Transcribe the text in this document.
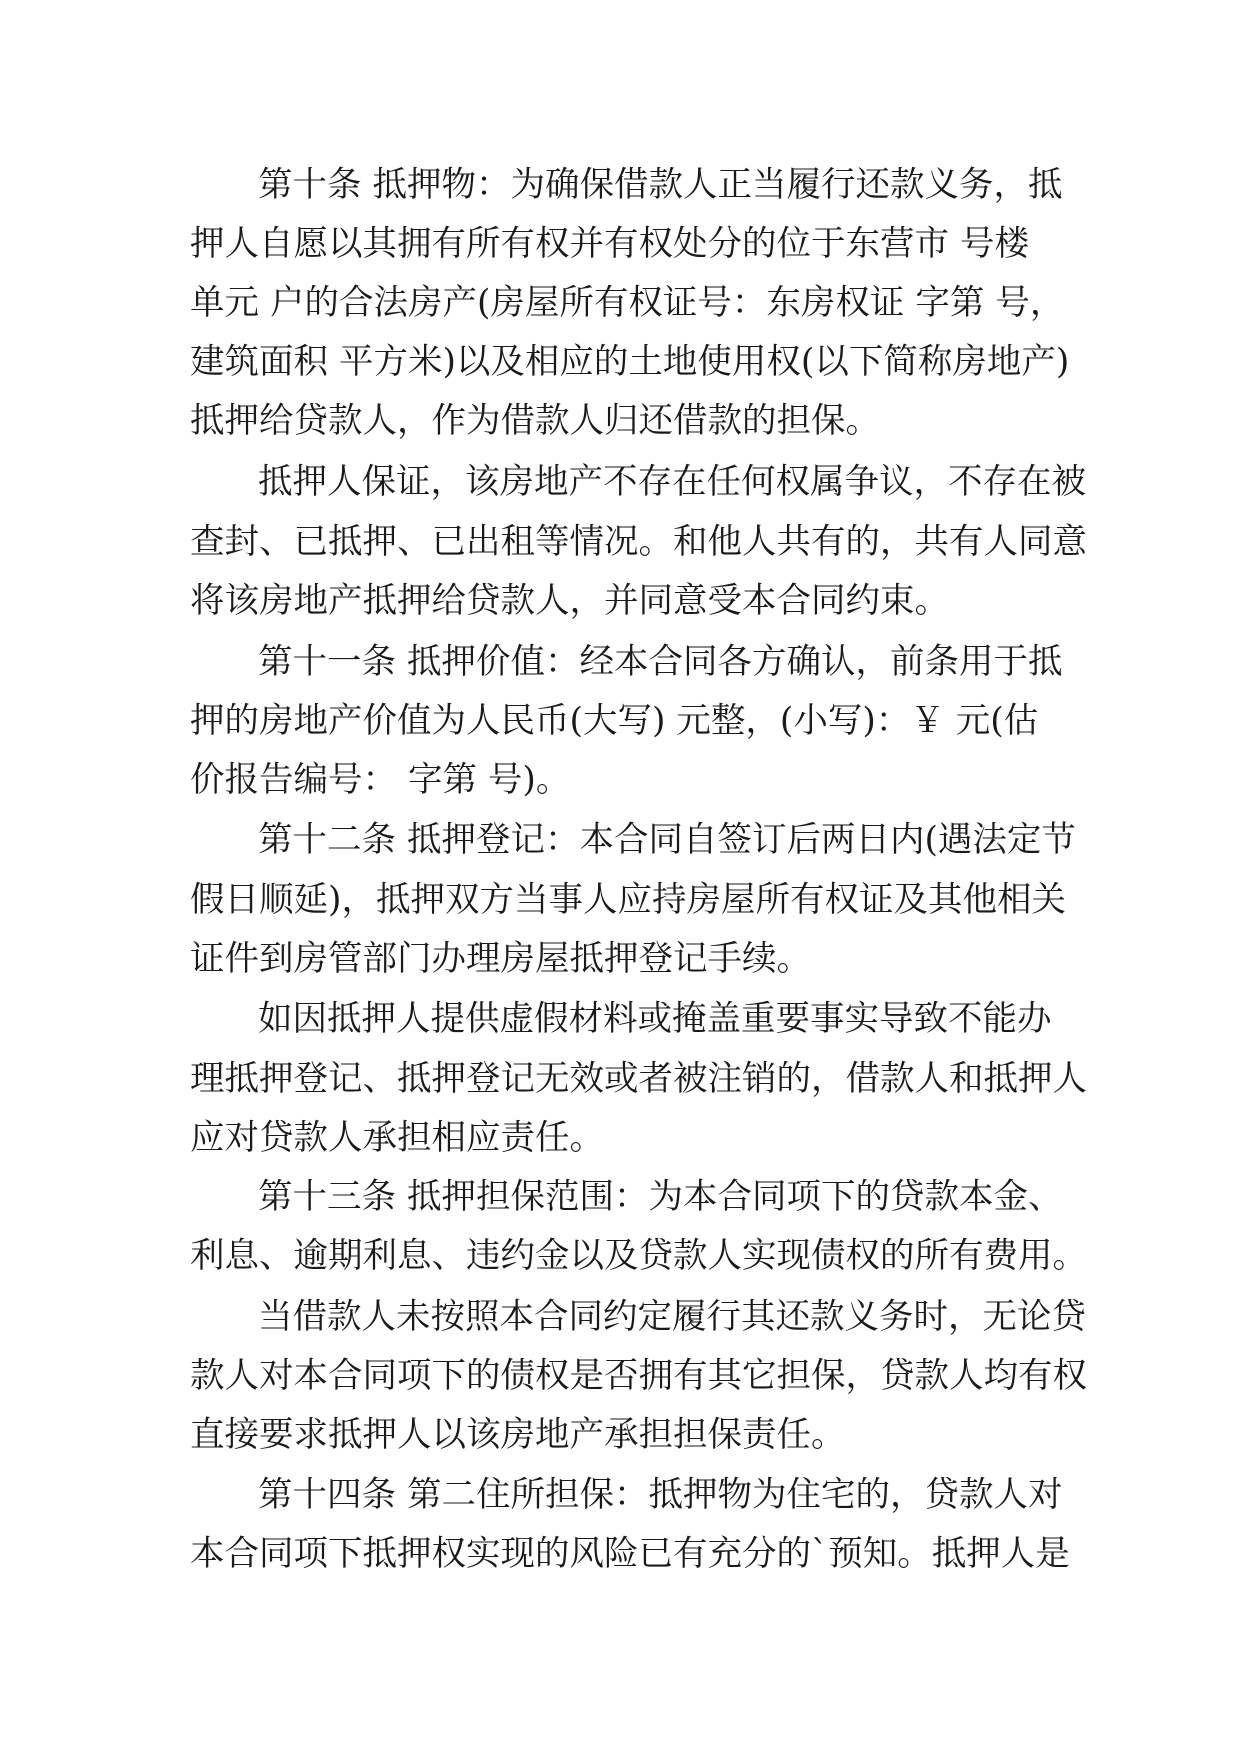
第十条 抵押物：为确保借款人正当履行还款义务，抵
押人自愿以其拥有所有权并有权处分的位于东营市 号楼
单元 户的合法房产(房屋所有权证号：东房权证 字第 号，
建筑面积 平方米)以及相应的土地使用权(以下简称房地产)
抵押给贷款人，作为借款人归还借款的担保。
抵押人保证，该房地产不存在任何权属争议，不存在被
查封、已抵押、已出租等情况。和他人共有的，共有人同意
将该房地产抵押给贷款人，并同意受本合同约束。
第十一条 抵押价值：经本合同各方确认，前条用于抵
押的房地产价值为人民币(大写) 元整，(小写)：￥ 元(估
价报告编号： 字第 号)。
第十二条 抵押登记：本合同自签订后两日内(遇法定节
假日顺延)，抵押双方当事人应持房屋所有权证及其他相关
证件到房管部门办理房屋抵押登记手续。
如因抵押人提供虚假材料或掩盖重要事实导致不能办
理抵押登记、抵押登记无效或者被注销的，借款人和抵押人
应对贷款人承担相应责任。
第十三条 抵押担保范围：为本合同项下的贷款本金、
利息、逾期利息、违约金以及贷款人实现债权的所有费用。
当借款人未按照本合同约定履行其还款义务时，无论贷
款人对本合同项下的债权是否拥有其它担保，贷款人均有权
直接要求抵押人以该房地产承担担保责任。
第十四条 第二住所担保：抵押物为住宅的，贷款人对
本合同项下抵押权实现的风险已有充分的`预知。抵押人是
